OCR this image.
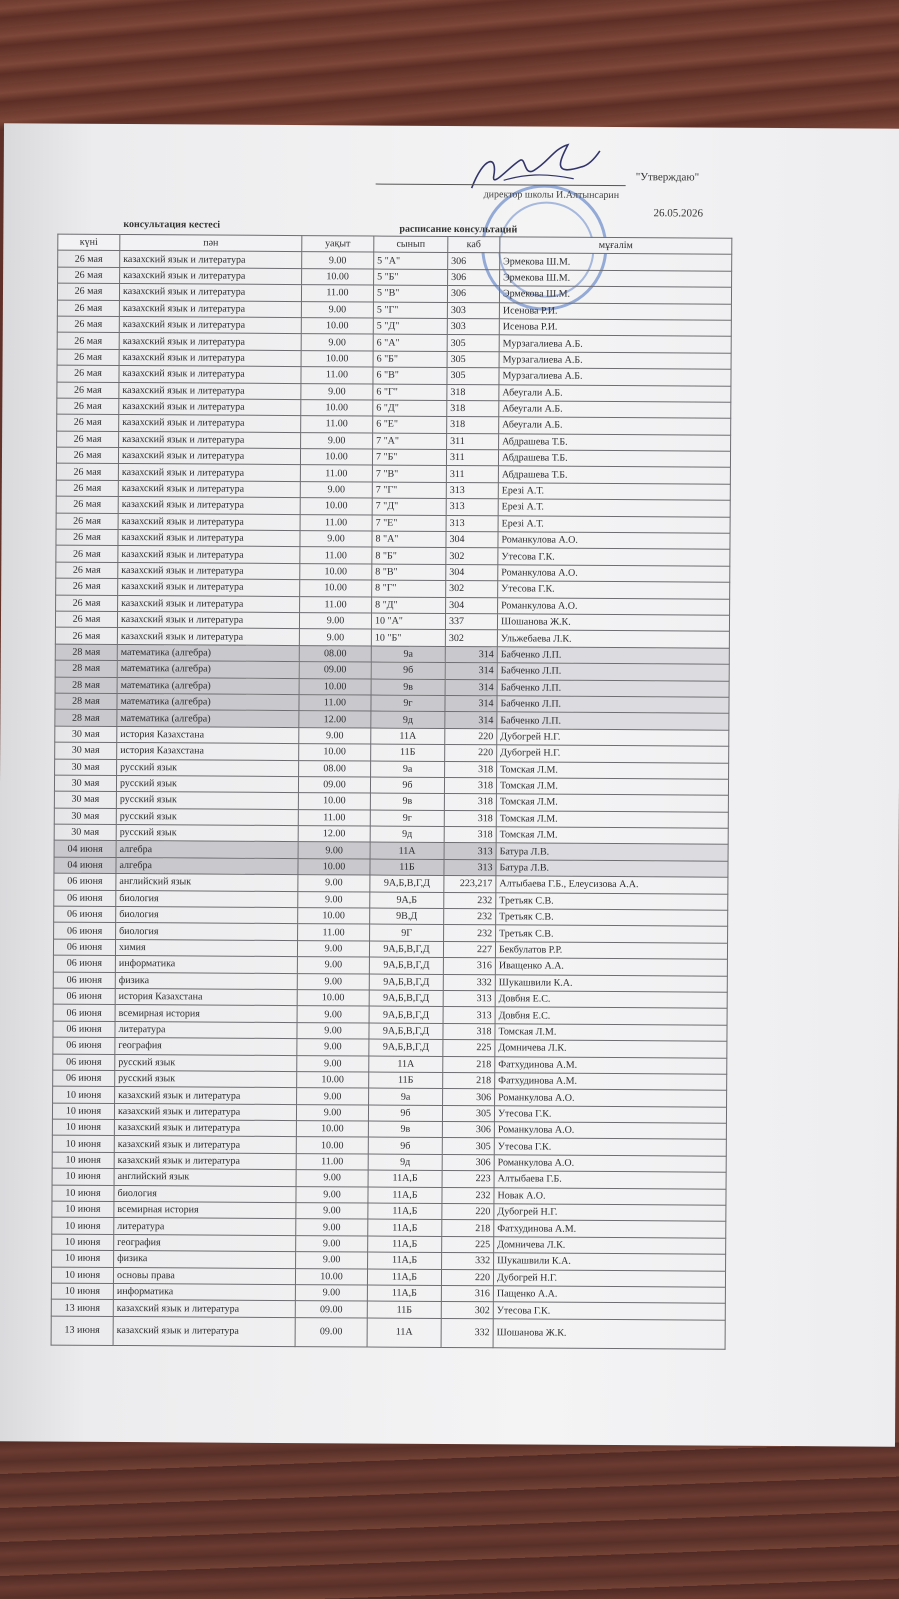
"Утверждаю"
директор школы И.Алтынсарин
26.05.2026
консультация кестесі	расписание консультаций
күні	пән	уақыт	сынып	каб	мұғалім
26 мая	казахский язык и литература	9.00	5 "А"	306	Эрмекова Ш.М.
26 мая	казахский язык и литература	10.00	5 "Б"	306	Эрмекова Ш.М.
26 мая	казахский язык и литература	11.00	5 "В"	306	Эрмекова Ш.М.
26 мая	казахский язык и литература	9.00	5 "Г"	303	Исенова Р.И.
26 мая	казахский язык и литература	10.00	5 "Д"	303	Исенова Р.И.
26 мая	казахский язык и литература	9.00	6 "А"	305	Мурзагалиева А.Б.
26 мая	казахский язык и литература	10.00	6 "Б"	305	Мурзагалиева А.Б.
26 мая	казахский язык и литература	11.00	6 "В"	305	Мурзагалиева А.Б.
26 мая	казахский язык и литература	9.00	6 "Г"	318	Абеугали А.Б.
26 мая	казахский язык и литература	10.00	6 "Д"	318	Абеугали А.Б.
26 мая	казахский язык и литература	11.00	6 "Е"	318	Абеугали А.Б.
26 мая	казахский язык и литература	9.00	7 "А"	311	Абдрашева Т.Б.
26 мая	казахский язык и литература	10.00	7 "Б"	311	Абдрашева Т.Б.
26 мая	казахский язык и литература	11.00	7 "В"	311	Абдрашева Т.Б.
26 мая	казахский язык и литература	9.00	7 "Г"	313	Ерезі А.Т.
26 мая	казахский язык и литература	10.00	7 "Д"	313	Ерезі А.Т.
26 мая	казахский язык и литература	11.00	7 "Е"	313	Ерезі А.Т.
26 мая	казахский язык и литература	9.00	8 "А"	304	Романкулова А.О.
26 мая	казахский язык и литература	11.00	8 "Б"	302	Утесова Г.К.
26 мая	казахский язык и литература	10.00	8 "В"	304	Романкулова А.О.
26 мая	казахский язык и литература	10.00	8 "Г"	302	Утесова Г.К.
26 мая	казахский язык и литература	11.00	8 "Д"	304	Романкулова А.О.
26 мая	казахский язык и литература	9.00	10 "А"	337	Шошанова Ж.К.
26 мая	казахский язык и литература	9.00	10 "Б"	302	Ульжебаева Л.К.
28 мая	математика (алгебра)	08.00	9а	314	Бабченко Л.П.
28 мая	математика (алгебра)	09.00	9б	314	Бабченко Л.П.
28 мая	математика (алгебра)	10.00	9в	314	Бабченко Л.П.
28 мая	математика (алгебра)	11.00	9г	314	Бабченко Л.П.
28 мая	математика (алгебра)	12.00	9д	314	Бабченко Л.П.
30 мая	история Казахстана	9.00	11А	220	Дубогрей Н.Г.
30 мая	история Казахстана	10.00	11Б	220	Дубогрей Н.Г.
30 мая	русский язык	08.00	9а	318	Томская Л.М.
30 мая	русский язык	09.00	9б	318	Томская Л.М.
30 мая	русский язык	10.00	9в	318	Томская Л.М.
30 мая	русский язык	11.00	9г	318	Томская Л.М.
30 мая	русский язык	12.00	9д	318	Томская Л.М.
04 июня	алгебра	9.00	11А	313	Батура Л.В.
04 июня	алгебра	10.00	11Б	313	Батура Л.В.
06 июня	английский язык	9.00	9А,Б,В,Г,Д	223,217	Алтыбаева Г.Б., Елеусизова А.А.
06 июня	биология	9.00	9А,Б	232	Третьяк С.В.
06 июня	биология	10.00	9В,Д	232	Третьяк С.В.
06 июня	биология	11.00	9Г	232	Третьяк С.В.
06 июня	химия	9.00	9А,Б,В,Г,Д	227	Бекбулатов Р.Р.
06 июня	информатика	9.00	9А,Б,В,Г,Д	316	Иващенко А.А.
06 июня	физика	9.00	9А,Б,В,Г,Д	332	Шукашвили К.А.
06 июня	история Казахстана	10.00	9А,Б,В,Г,Д	313	Довбня Е.С.
06 июня	всемирная история	9.00	9А,Б,В,Г,Д	313	Довбня Е.С.
06 июня	литература	9.00	9А,Б,В,Г,Д	318	Томская Л.М.
06 июня	география	9.00	9А,Б,В,Г,Д	225	Домничева Л.К.
06 июня	русский язык	9.00	11А	218	Фатхудинова А.М.
06 июня	русский язык	10.00	11Б	218	Фатхудинова А.М.
10 июня	казахский язык и литература	9.00	9а	306	Романкулова А.О.
10 июня	казахский язык и литература	9.00	9б	305	Утесова Г.К.
10 июня	казахский язык и литература	10.00	9в	306	Романкулова А.О.
10 июня	казахский язык и литература	10.00	9б	305	Утесова Г.К.
10 июня	казахский язык и литература	11.00	9д	306	Романкулова А.О.
10 июня	английский язык	9.00	11А,Б	223	Алтыбаева Г.Б.
10 июня	биология	9.00	11А,Б	232	Новак А.О.
10 июня	всемирная история	9.00	11А,Б	220	Дубогрей Н.Г.
10 июня	литература	9.00	11А,Б	218	Фатхудинова А.М.
10 июня	география	9.00	11А,Б	225	Домничева Л.К.
10 июня	физика	9.00	11А,Б	332	Шукашвили К.А.
10 июня	основы права	10.00	11А,Б	220	Дубогрей Н.Г.
10 июня	информатика	9.00	11А,Б	316	Пащенко А.А.
13 июня	казахский язык и литература	09.00	11Б	302	Утесова Г.К.
13 июня	казахский язык и литература	09.00	11А	332	Шошанова Ж.К.
